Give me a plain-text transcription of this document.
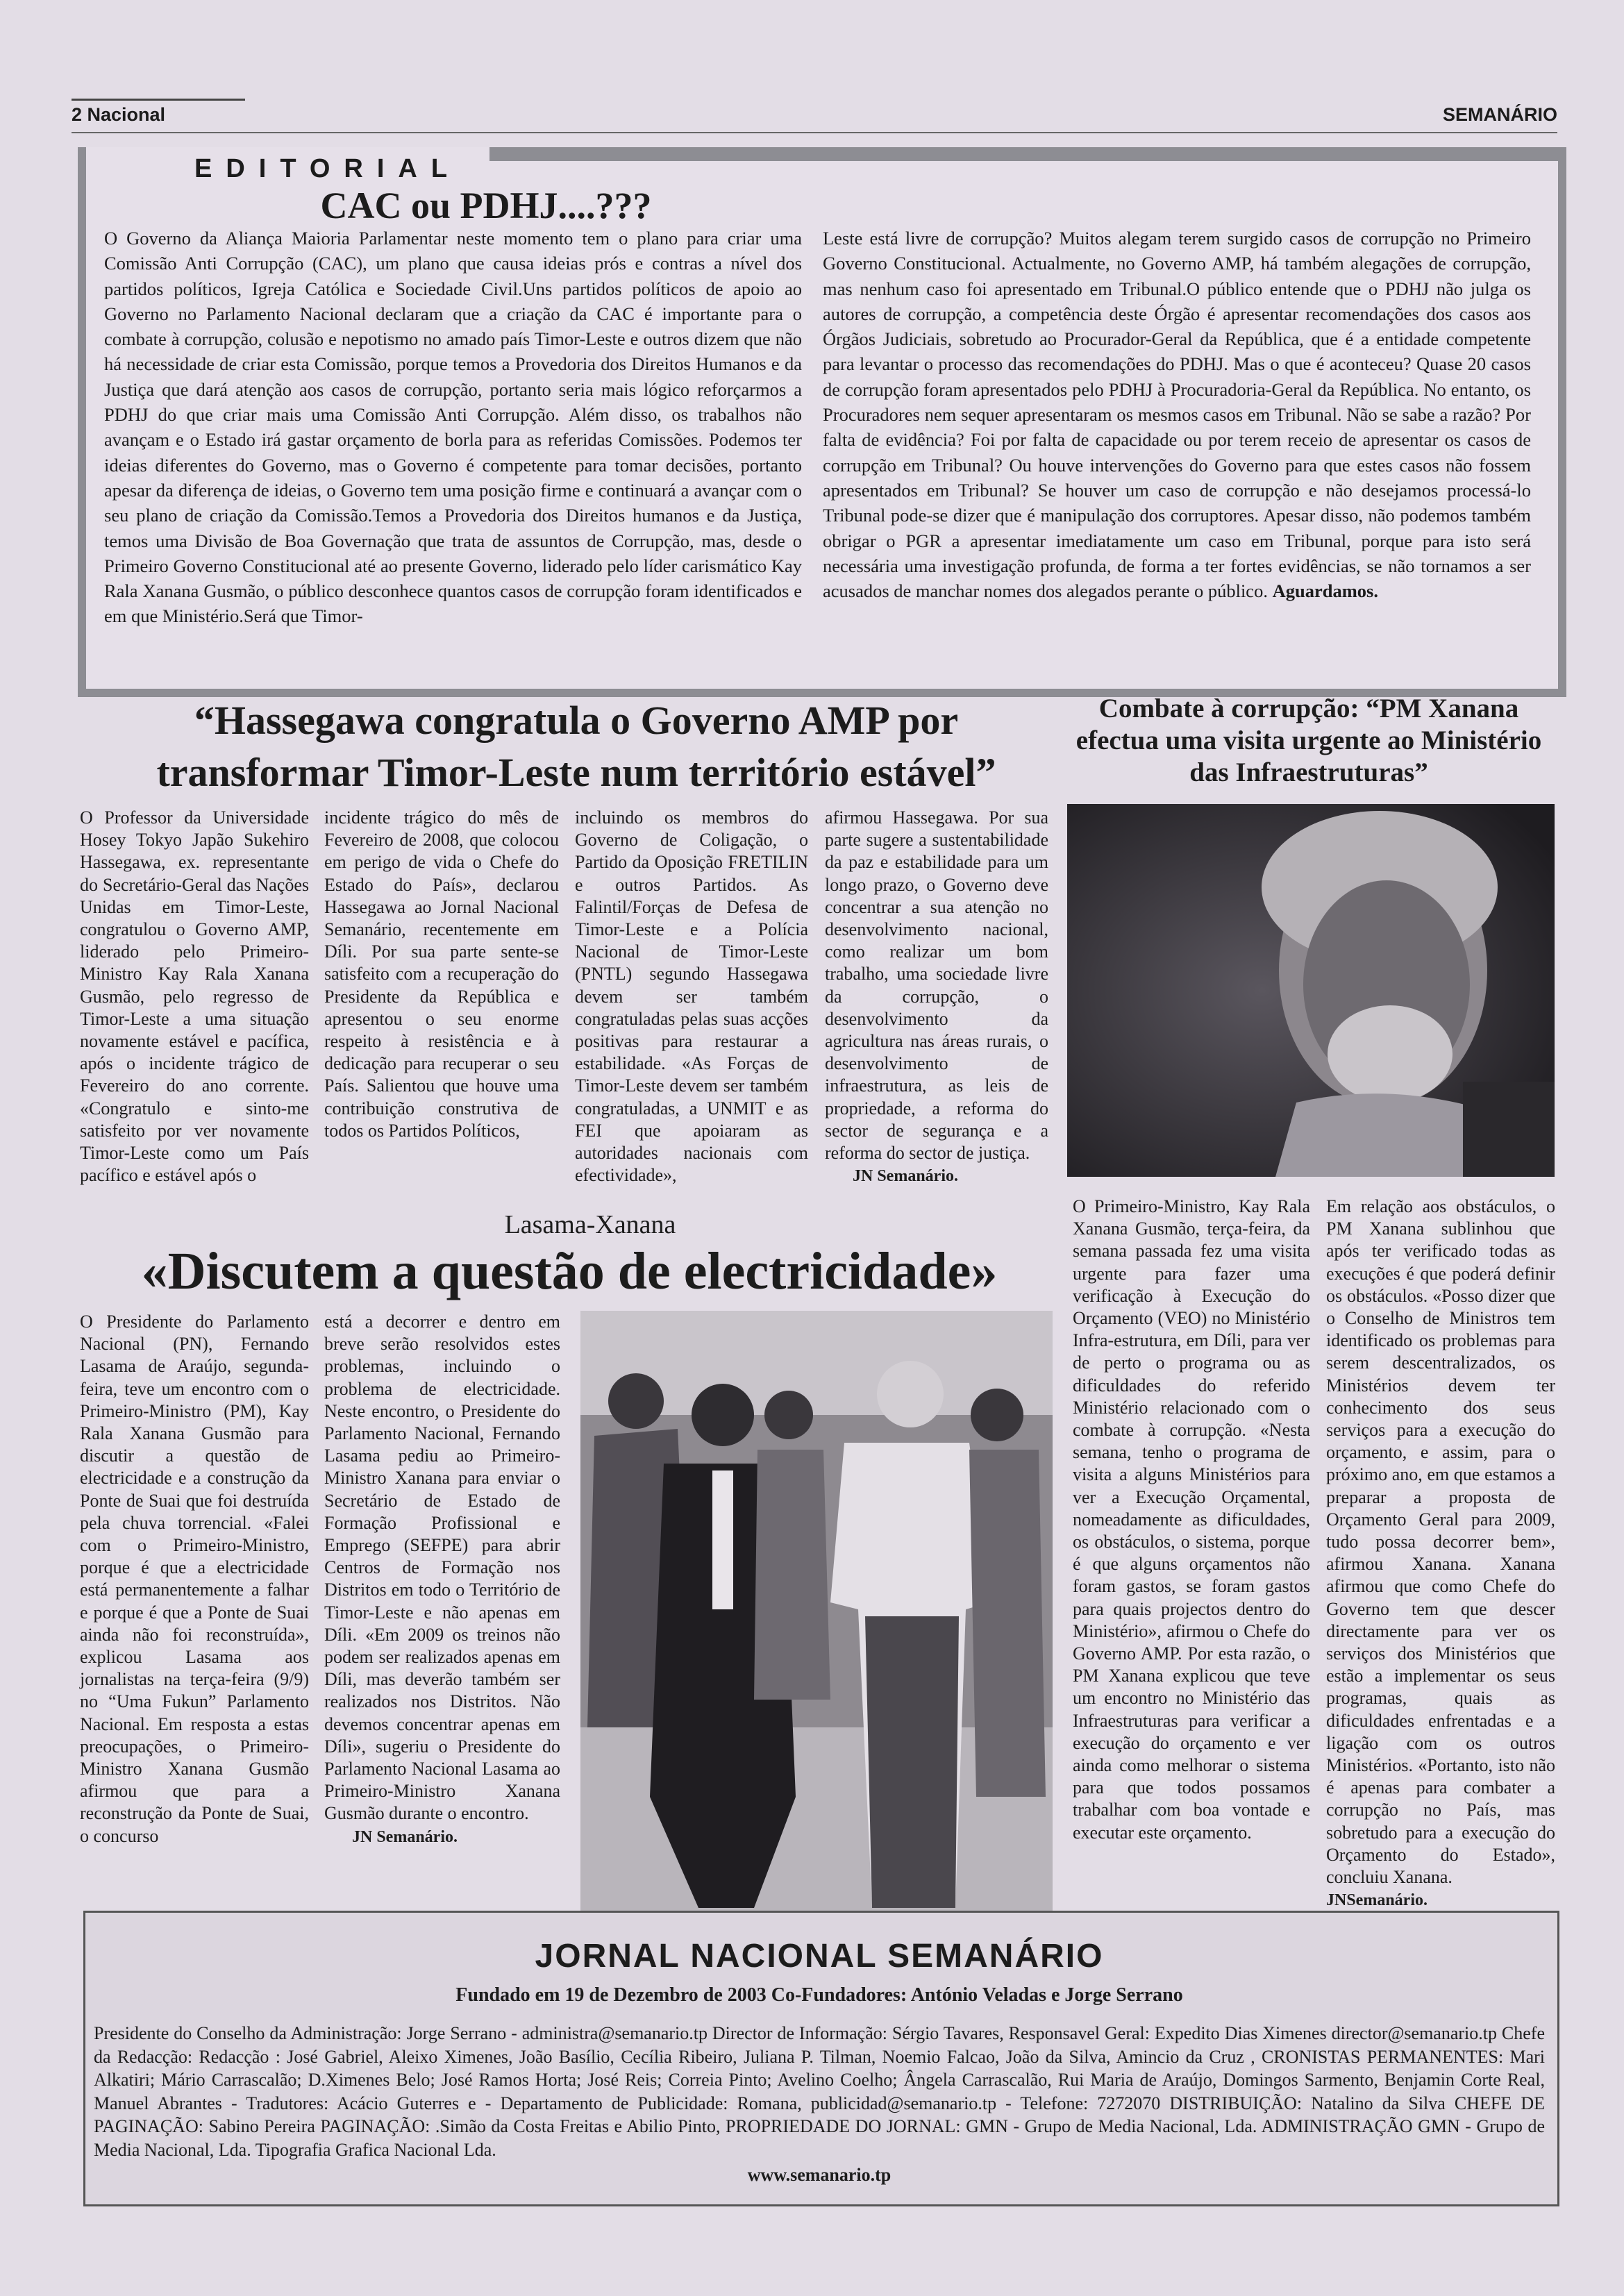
2 Nacional	SEMANÁRIO
EDITORIAL
CAC ou PDHJ....???
O Governo da Aliança Maioria Parlamentar neste momento tem o plano para criar uma Comissão Anti Corrupção (CAC), um plano que causa ideias prós e contras a nível dos partidos políticos, Igreja Católica e Sociedade Civil.Uns partidos políticos de apoio ao Governo no Parlamento Nacional declaram que a criação da CAC é importante para o combate à corrupção, colusão e nepotismo no amado país Timor-Leste e outros dizem que não há necessidade de criar esta Comissão, porque temos a Provedoria dos Direitos Humanos e da Justiça que dará atenção aos casos de corrupção, portanto seria mais lógico reforçarmos a PDHJ do que criar mais uma Comissão Anti Corrupção. Além disso, os trabalhos não avançam e o Estado irá gastar orçamento de borla para as referidas Comissões. Podemos ter ideias diferentes do Governo, mas o Governo é competente para tomar decisões, portanto apesar da diferença de ideias, o Governo tem uma posição firme e continuará a avançar com o seu plano de criação da Comissão.Temos a Provedoria dos Direitos humanos e da Justiça, temos uma Divisão de Boa Governação que trata de assuntos de Corrupção, mas, desde o Primeiro Governo Constitucional até ao presente Governo, liderado pelo líder carismático Kay Rala Xanana Gusmão, o público desconhece quantos casos de corrupção foram identificados e em que Ministério.Será que Timor-
Leste está livre de corrupção? Muitos alegam terem surgido casos de corrupção no Primeiro Governo Constitucional. Actualmente, no Governo AMP, há também alegações de corrupção, mas nenhum caso foi apresentado em Tribunal.O público entende que o PDHJ não julga os autores de corrupção, a competência deste Órgão é apresentar recomendações dos casos aos Órgãos Judiciais, sobretudo ao Procurador-Geral da República, que é a entidade competente para levantar o processo das recomendações do PDHJ. Mas o que é aconteceu? Quase 20 casos de corrupção foram apresentados pelo PDHJ à Procuradoria-Geral da República. No entanto, os Procuradores nem sequer apresentaram os mesmos casos em Tribunal. Não se sabe a razão? Por falta de evidência? Foi por falta de capacidade ou por terem receio de apresentar os casos de corrupção em Tribunal? Ou houve intervenções do Governo para que estes casos não fossem apresentados em Tribunal? Se houver um caso de corrupção e não desejamos processá-lo Tribunal pode-se dizer que é manipulação dos corruptores. Apesar disso, não podemos também obrigar o PGR a apresentar imediatamente um caso em Tribunal, porque para isto será necessária uma investigação profunda, de forma a ter fortes evidências, se não tornamos a ser acusados de manchar nomes dos alegados perante o público. Aguardamos.
“Hassegawa congratula o Governo AMP por
transformar Timor-Leste num território estável”
O Professor da Universidade Hosey Tokyo Japão Sukehiro Hassegawa, ex. representante do Secretário-Geral das Nações Unidas em Timor-Leste, congratulou o Governo AMP, liderado pelo Primeiro-Ministro Kay Rala Xanana Gusmão, pelo regresso de Timor-Leste a uma situação novamente estável e pacífica, após o incidente trágico de Fevereiro do ano corrente. «Congratulo e sinto-me satisfeito por ver novamente Timor-Leste como um País pacífico e estável após o
incidente trágico do mês de Fevereiro de 2008, que colocou em perigo de vida o Chefe do Estado do País», declarou Hassegawa ao Jornal Nacional Semanário, recentemente em Díli. Por sua parte sente-se satisfeito com a recuperação do Presidente da República e apresentou o seu enorme respeito à resistência e à dedicação para recuperar o seu País. Salientou que houve uma contribuição construtiva de todos os Partidos Políticos,
incluindo os membros do Governo de Coligação, o Partido da Oposição FRETILIN e outros Partidos. As Falintil/Forças de Defesa de Timor-Leste e a Polícia Nacional de Timor-Leste (PNTL) segundo Hassegawa devem ser também congratuladas pelas suas acções positivas para restaurar a estabilidade. «As Forças de Timor-Leste devem ser também congratuladas, a UNMIT e as FEI que apoiaram as autoridades nacionais com efectividade»,
afirmou Hassegawa. Por sua parte sugere a sustentabilidade da paz e estabilidade para um longo prazo, o Governo deve concentrar a sua atenção no desenvolvimento nacional, como realizar um bom trabalho, uma sociedade livre da corrupção, o desenvolvimento da agricultura nas áreas rurais, o desenvolvimento de infraestrutura, as leis de propriedade, a reforma do sector de segurança e a reforma do sector de justiça.
JN Semanário.
Combate à corrupção: “PM Xanana efectua uma visita urgente ao Ministério das Infraestruturas”
O Primeiro-Ministro, Kay Rala Xanana Gusmão, terça-feira, da semana passada fez uma visita urgente para fazer uma verificação à Execução do Orçamento (VEO) no Ministério Infra-estrutura, em Díli, para ver de perto o programa ou as dificuldades do referido Ministério relacionado com o combate à corrupção. «Nesta semana, tenho o programa de visita a alguns Ministérios para ver a Execução Orçamental, nomeadamente as dificuldades, os obstáculos, o sistema, porque é que alguns orçamentos não foram gastos, se foram gastos para quais projectos dentro do Ministério», afirmou o Chefe do Governo AMP. Por esta razão, o PM Xanana explicou que teve um encontro no Ministério das Infraestruturas para verificar a execução do orçamento e ver ainda como melhorar o sistema para que todos possamos trabalhar com boa vontade e executar este orçamento.
Em relação aos obstáculos, o PM Xanana sublinhou que após ter verificado todas as execuções é que poderá definir os obstáculos. «Posso dizer que o Conselho de Ministros tem identificado os problemas para serem descentralizados, os Ministérios devem ter conhecimento dos seus serviços para a execução do orçamento, e assim, para o próximo ano, em que estamos a preparar a proposta de Orçamento Geral para 2009, tudo possa decorrer bem», afirmou Xanana. Xanana afirmou que como Chefe do Governo tem que descer directamente para ver os serviços dos Ministérios que estão a implementar os seus programas, quais as dificuldades enfrentadas e a ligação com os outros Ministérios. «Portanto, isto não é apenas para combater a corrupção no País, mas sobretudo para a execução do Orçamento do Estado», concluiu Xanana.
JNSemanário.
Lasama-Xanana
«Discutem a questão de electricidade»
O Presidente do Parlamento Nacional (PN), Fernando Lasama de Araújo, segunda-feira, teve um encontro com o Primeiro-Ministro (PM), Kay Rala Xanana Gusmão para discutir a questão de electricidade e a construção da Ponte de Suai que foi destruída pela chuva torrencial. «Falei com o Primeiro-Ministro, porque é que a electricidade está permanentemente a falhar e porque é que a Ponte de Suai ainda não foi reconstruída», explicou Lasama aos jornalistas na terça-feira (9/9) no “Uma Fukun” Parlamento Nacional. Em resposta a estas preocupações, o Primeiro-Ministro Xanana Gusmão afirmou que para a reconstrução da Ponte de Suai, o concurso
está a decorrer e dentro em breve serão resolvidos estes problemas, incluindo o problema de electricidade. Neste encontro, o Presidente do Parlamento Nacional, Fernando Lasama pediu ao Primeiro-Ministro Xanana para enviar o Secretário de Estado de Formação Profissional e Emprego (SEFPE) para abrir Centros de Formação nos Distritos em todo o Território de Timor-Leste e não apenas em Díli. «Em 2009 os treinos não podem ser realizados apenas em Díli, mas deverão também ser realizados nos Distritos. Não devemos concentrar apenas em Díli», sugeriu o Presidente do Parlamento Nacional Lasama ao Primeiro-Ministro Xanana Gusmão durante o encontro.
JN Semanário.
JORNAL NACIONAL SEMANÁRIO
Fundado em 19 de Dezembro de 2003 Co-Fundadores: António Veladas e Jorge Serrano
Presidente do Conselho da Administração: Jorge Serrano - administra@semanario.tp Director de Informação: Sérgio Tavares, Responsavel Geral: Expedito Dias Ximenes director@semanario.tp Chefe da Redacção: Redacção : José Gabriel, Aleixo Ximenes, João Basílio, Cecília Ribeiro, Juliana P. Tilman, Noemio Falcao, João da Silva, Amincio da Cruz , CRONISTAS PERMANENTES: Mari Alkatiri; Mário Carrascalão; D.Ximenes Belo; José Ramos Horta; José Reis; Correia Pinto; Avelino Coelho; Ângela Carrascalão, Rui Maria de Araújo, Domingos Sarmento, Benjamin Corte Real, Manuel Abrantes - Tradutores: Acácio Guterres e - Departamento de Publicidade: Romana, publicidad@semanario.tp - Telefone: 7272070 DISTRIBUIÇÃO: Natalino da Silva CHEFE DE PAGINAÇÃO: Sabino Pereira PAGINAÇÃO: .Simão da Costa Freitas e Abilio Pinto, PROPRIEDADE DO JORNAL: GMN - Grupo de Media Nacional, Lda. ADMINISTRAÇÃO GMN - Grupo de Media Nacional, Lda. Tipografia Grafica Nacional Lda.
www.semanario.tp
